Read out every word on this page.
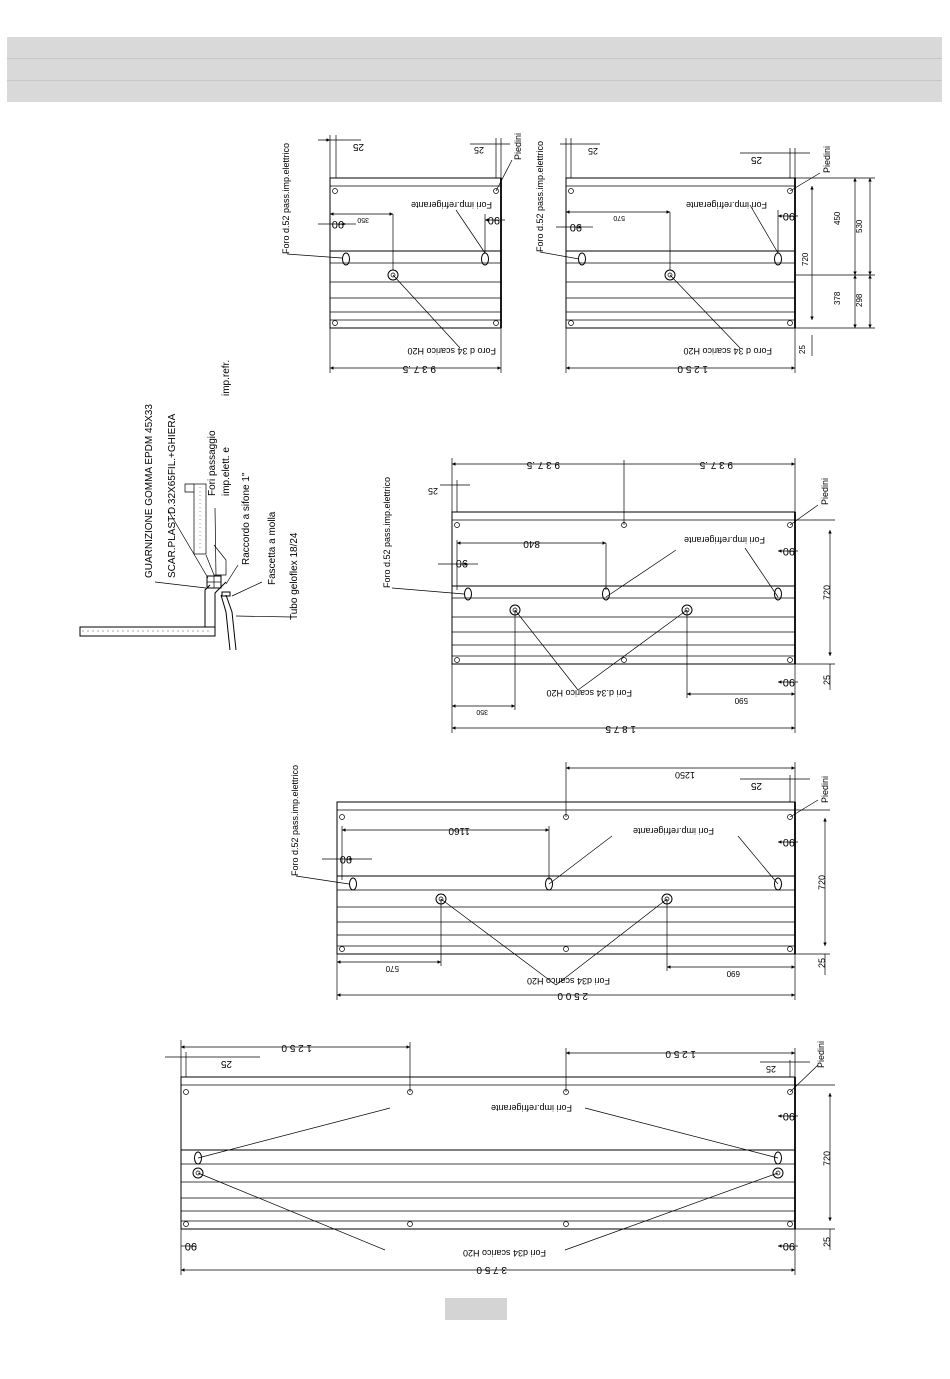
Foro d.52 pass.imp.elettrico	25	25	Piedini
Fori imp.refrigerante
350
90	90
Foro d 34 scarico H20
9 3 7 .5
Foro d.52 pass.imp.elettrico	25
25	Piedini
Fori imp.refrigerante
570
90
90	450
530
720
378 298
25
Foro d 34 scarico H20
1 2 5 0
GUARNIZIONE GOMMA EPDM 45X33 SCAR.PLAST.D.32X65FIL.+GHIERA	Fori passaggio imp.elett. e
imp.refr.
Raccordo a sifone 1" Fascetta a molla Tubo geloflex 18/24	Foro d.52 pass.imp.elettrico
9 3 7 .5	9 3 7 .5
25	Piedini
Fori imp.refrigerante
840
90
90
90
720
25
Fori d.34 scarico H20
350
590
1 8 7 5
Foro d.52 pass.imp.elettrico	1250
25	Piedini
Fori imp.refrigerante
1160
90
90
720
25
570
690
Fori d34 scarico H20
2 5 0 0
25
1 2 5 0
1 2 5 0
25
Piedini
Fori imp.refrigerante
90
90
90
720
25
Fori d34 scarico H20
3 7 5 0
